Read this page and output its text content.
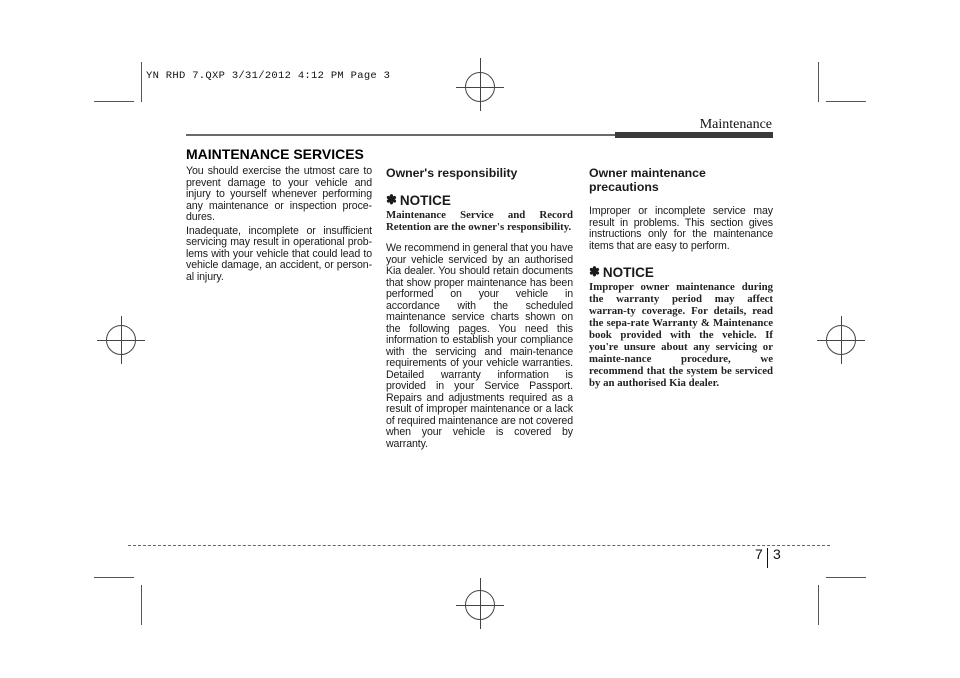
YN RHD 7.QXP 3/31/2012 4:12 PM Page 3
Maintenance
MAINTENANCE SERVICES

You should exercise the utmost care to prevent damage to your vehicle and injury to yourself whenever performing any maintenance or inspection proce-dures.

Inadequate, incomplete or insufficient servicing may result in operational prob-lems with your vehicle that could lead to vehicle damage, an accident, or person-al injury.

Owner's responsibility
✽ NOTICE
Maintenance Service and Record Retention are the owner's responsibility.

We recommend in general that you have your vehicle serviced by an authorised Kia dealer. You should retain documents that show proper maintenance has been performed on your vehicle in accordance with the scheduled maintenance service charts shown on the following pages. You need this information to establish your compliance with the servicing and main-tenance requirements of your vehicle warranties. Detailed warranty information is provided in your Service Passport. Repairs and adjustments required as a result of improper maintenance or a lack of required maintenance are not covered when your vehicle is covered by warranty.

Owner maintenance precautions

Improper or incomplete service may result in problems. This section gives instructions only for the maintenance items that are easy to perform.

✽ NOTICE
Improper owner maintenance during the warranty period may affect warran-ty coverage. For details, read the sepa-rate Warranty & Maintenance book provided with the vehicle. If you're unsure about any servicing or mainte-nance procedure, we recommend that the system be serviced by an authorised Kia dealer.
7 3
